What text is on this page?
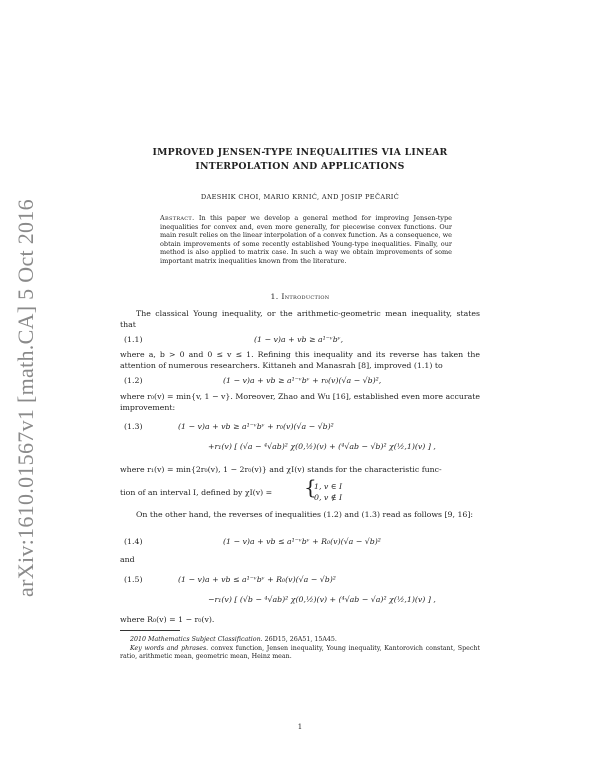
arXiv:1610.01567v1 [math.CA] 5 Oct 2016
IMPROVED JENSEN-TYPE INEQUALITIES VIA LINEAR
INTERPOLATION AND APPLICATIONS
DAESHIK CHOI, MARIO KRNIĆ, AND JOSIP PEČARIĆ
Abstract. In this paper we develop a general method for improving Jensen-type inequalities for convex and, even more generally, for piecewise convex functions. Our main result relies on the linear interpolation of a convex function. As a consequence, we obtain improvements of some recently established Young-type inequalities. Finally, our method is also applied to matrix case. In such a way we obtain improvements of some important matrix inequalities known from the literature.
1. Introduction
The classical Young inequality, or the arithmetic-geometric mean inequality, states that
(1.1)	(1 − v)a + vb ≥ a¹⁻ᵛbᵛ,
where a, b > 0 and 0 ≤ v ≤ 1. Refining this inequality and its reverse has taken the attention of numerous researchers. Kittaneh and Manasrah [8], improved (1.1) to
(1.2)	(1 − v)a + vb ≥ a¹⁻ᵛbᵛ + r₀(v)(√a − √b)²,
where r₀(v) = min{v, 1 − v}. Moreover, Zhao and Wu [16], established even more accurate improvement:
(1.3)	(1 − v)a + vb ≥ a¹⁻ᵛbᵛ + r₀(v)(√a − √b)²
+r₁(v) [ (√a − ⁴√ab)² χ(0,½)(v) + (⁴√ab − √b)² χ(½,1)(v) ] ,
where r₁(v) = min{2r₀(v), 1 − 2r₀(v)} and χI(v) stands for the characteristic func-
tion of an interval I, defined by χI(v) = {
1, v ∈ I
0, v ∉ I
On the other hand, the reverses of inequalities (1.2) and (1.3) read as follows [9, 16]:
(1.4)	(1 − v)a + vb ≤ a¹⁻ᵛbᵛ + R₀(v)(√a − √b)²
and
(1.5)	(1 − v)a + vb ≤ a¹⁻ᵛbᵛ + R₀(v)(√a − √b)²
−r₁(v) [ (√b − ⁴√ab)² χ(0,½)(v) + (⁴√ab − √a)² χ(½,1)(v) ] ,
where R₀(v) = 1 − r₀(v).
2010 Mathematics Subject Classification. 26D15, 26A51, 15A45.
Key words and phrases. convex function, Jensen inequality, Young inequality, Kantorovich constant, Specht ratio, arithmetic mean, geometric mean, Heinz mean.
1
